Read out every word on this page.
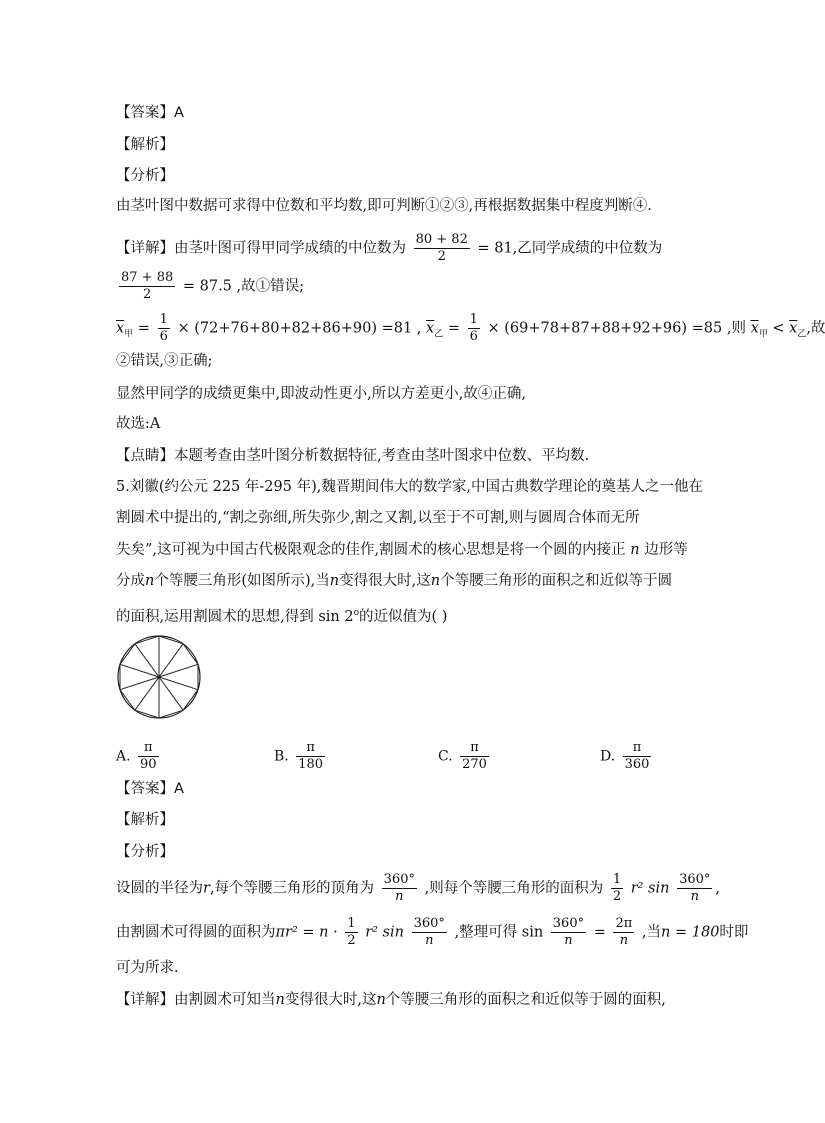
【答案】A
【解析】
【分析】
由茎叶图中数据可求得中位数和平均数,即可判断①②③,再根据数据集中程度判断④.
【详解】由茎叶图可得甲同学成绩的中位数为 $\frac{80 + 82}{2} = 81$,乙同学成绩的中位数为
$\frac{87 + 88}{2} = 87.5$ ,故①错误;
$\overline{x}_甲 = \frac{1}{6} \times (72+76+80+82+86+90) =81$ , $\overline{x}_乙 = \frac{1}{6} \times (69+78+87+88+92+96) =85$ ,则 $\overline{x}_甲 < \overline{x}_乙$,故
②错误,③正确;
显然甲同学的成绩更集中,即波动性更小,所以方差更小,故④正确,
故选:A
【点睛】本题考查由茎叶图分析数据特征,考查由茎叶图求中位数、平均数.
5.刘徽(约公元 225 年-295 年),魏晋期间伟大的数学家,中国古典数学理论的奠基人之一他在
割圆术中提出的,“割之弥细,所失弥少,割之又割,以至于不可割,则与圆周合体而无所
失矣”,这可视为中国古代极限观念的佳作,割圆术的核心思想是将一个圆的内接正 n 边形等
分成n个等腰三角形(如图所示),当n变得很大时,这n个等腰三角形的面积之和近似等于圆
的面积,运用割圆术的思想,得到 sin 2$^o$的近似值为( )
A. $\frac{\pi}{90}$	B. $\frac{\pi}{180}$	C. $\frac{\pi}{270}$	D. $\frac{\pi}{360}$
【答案】A
【解析】
【分析】
设圆的半径为r,每个等腰三角形的顶角为 $\frac{360^\circ}{n}$ ,则每个等腰三角形的面积为 $\frac{1}{2} r^2$ $\sin \frac{360^\circ}{n}$ ,
由割圆术可得圆的面积为$\pi r^2 = n \cdot \frac{1}{2} r^2$ $\sin \frac{360^\circ}{n}$ ,整理可得 $\sin \frac{360^\circ}{n} = \frac{2\pi}{n}$ ,当n = 180时即
可为所求.
【详解】由割圆术可知当n变得很大时,这n个等腰三角形的面积之和近似等于圆的面积,
